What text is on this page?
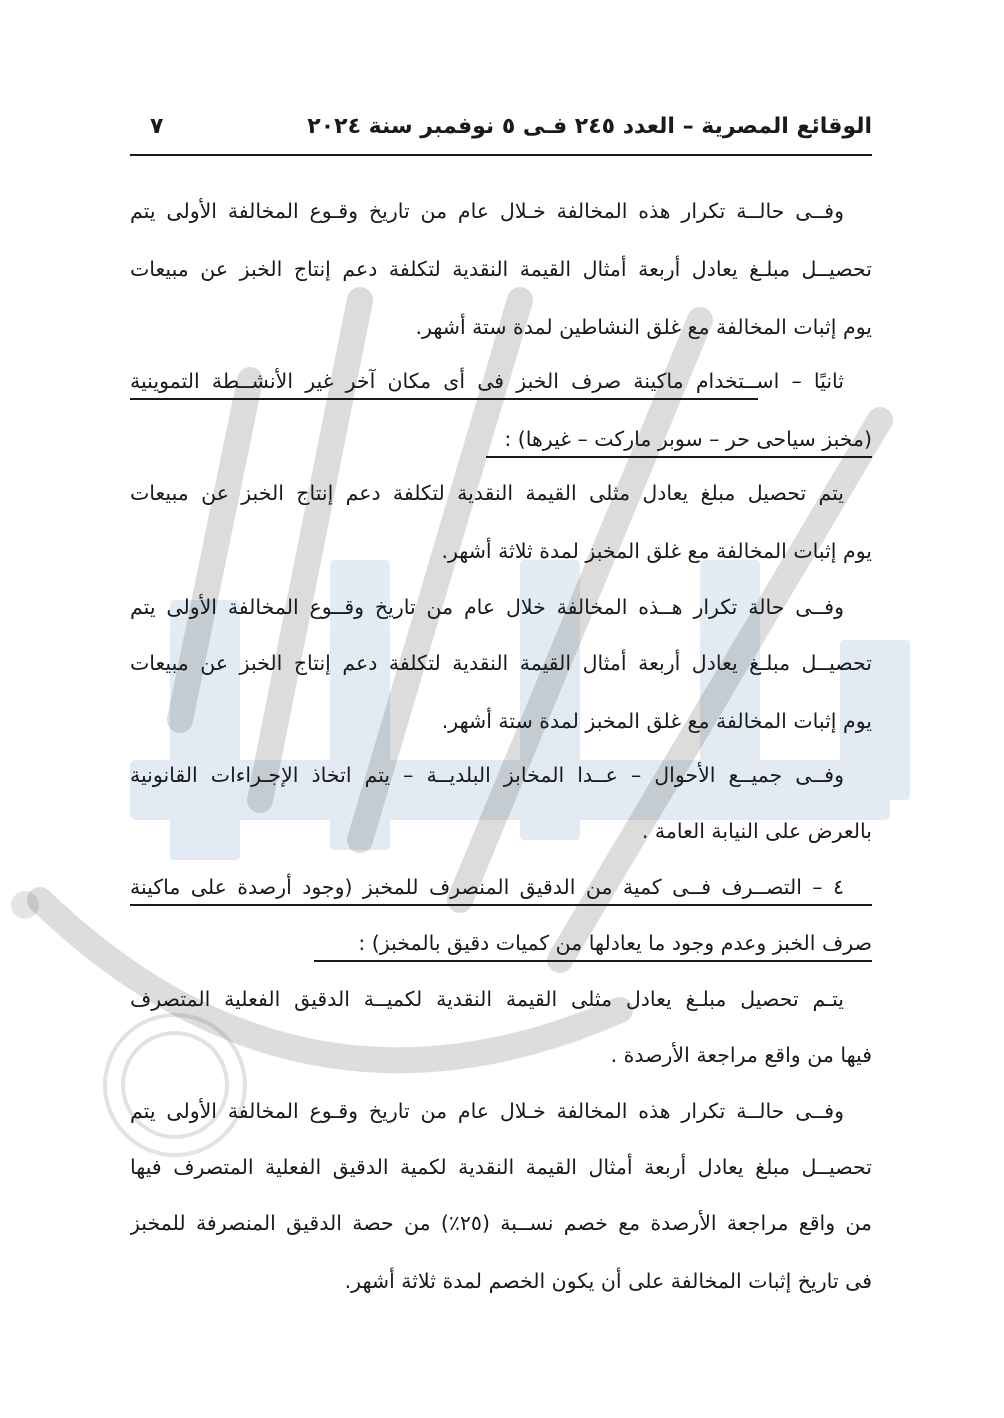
الوقائع المصرية – العدد ٢٤٥ فـى ٥ نوفمبر سنة ٢٠٢٤
٧
وفــى حالــة تكرار هذه المخالفة خـلال عام من تاريخ وقـوع المخالفة الأولى يتم
تحصيــل مبلـغ يعادل أربعة أمثال القيمة النقدية لتكلفة دعم إنتاج الخبز عن مبيعات
يوم إثبات المخالفة مع غلق النشاطين لمدة ستة أشهر.
ثانيًا – اســتخدام ماكينة صرف الخبز فى أى مكان آخر غير الأنشــطة التموينية
(مخبز سياحى حر – سوبر ماركت – غيرها) :
يتم تحصيل مبلغ يعادل مثلى القيمة النقدية لتكلفة دعم إنتاج الخبز عن مبيعات
يوم إثبات المخالفة مع غلق المخبز لمدة ثلاثة أشهر.
وفــى حالة تكرار هــذه المخالفة خلال عام من تاريخ وقــوع المخالفة الأولى يتم
تحصيــل مبلـغ يعادل أربعة أمثال القيمة النقدية لتكلفة دعم إنتاج الخبز عن مبيعات
يوم إثبات المخالفة مع غلق المخبز لمدة ستة أشهر.
وفــى جميــع الأحوال – عــدا المخابز البلديــة – يتم اتخاذ الإجـراءات القانونية
بالعرض على النيابة العامة .
٤ – التصــرف فــى كمية من الدقيق المنصرف للمخبز (وجود أرصدة على ماكينة
صرف الخبز وعدم وجود ما يعادلها من كميات دقيق بالمخبز) :
يتـم تحصيل مبلـغ يعادل مثلى القيمة النقدية لكميــة الدقيق الفعلية المتصرف
فيها من واقع مراجعة الأرصدة .
وفــى حالــة تكرار هذه المخالفة خـلال عام من تاريخ وقـوع المخالفة الأولى يتم
تحصيــل مبلغ يعادل أربعة أمثال القيمة النقدية لكمية الدقيق الفعلية المتصرف فيها
من واقع مراجعة الأرصدة مع خصم نســبة (٢٥٪) من حصة الدقيق المنصرفة للمخبز
فى تاريخ إثبات المخالفة على أن يكون الخصم لمدة ثلاثة أشهر.
